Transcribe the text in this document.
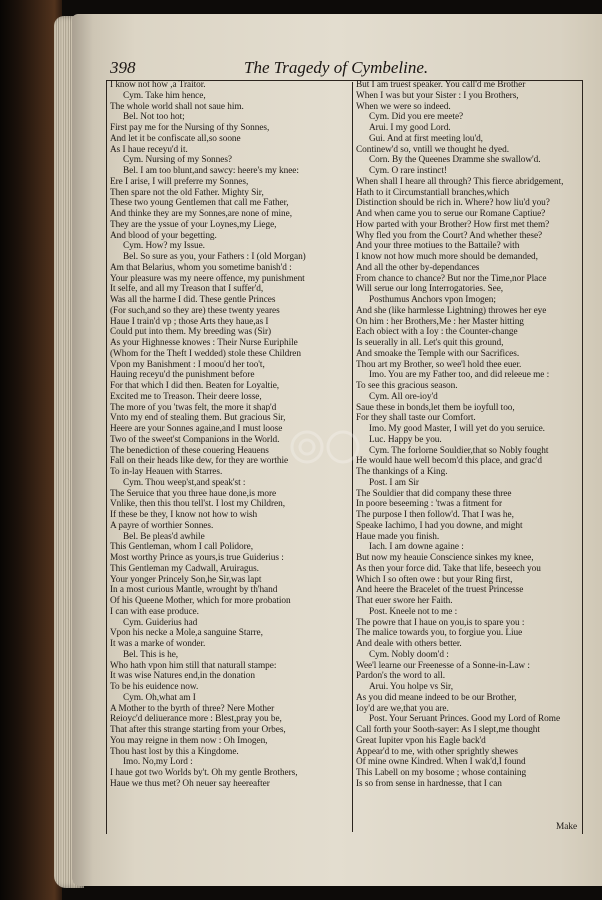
398	The Tragedy of Cymbeline.
I know not how ,a Traitor.
Cym. Take him hence,
The whole world shall not saue him.
Bel. Not too hot;
First pay me for the Nursing of thy Sonnes,
And let it be confiscate all,so soone
As I haue receyu'd it.
Cym. Nursing of my Sonnes?
Bel. I am too blunt,and sawcy: heere's my knee:
Ere I arise, I will preferre my Sonnes,
Then spare not the old Father. Mighty Sir,
These two young Gentlemen that call me Father,
And thinke they are my Sonnes,are none of mine,
They are the yssue of your Loynes,my Liege,
And blood of your begetting.
Cym. How? my Issue.
Bel. So sure as you, your Fathers : I (old Morgan)
Am that Belarius, whom you sometime banish'd :
Your pleasure was my neere offence, my punishment
It selfe, and all my Treason that I suffer'd,
Was all the harme I did. These gentle Princes
(For such,and so they are) these twenty yeares
Haue I train'd vp ; those Arts they haue,as I
Could put into them. My breeding was (Sir)
As your Highnesse knowes : Their Nurse Euriphile
(Whom for the Theft I wedded) stole these Children
Vpon my Banishment : I moou'd her too't,
Hauing receyu'd the punishment before
For that which I did then. Beaten for Loyaltie,
Excited me to Treason. Their deere losse,
The more of you 'twas felt, the more it shap'd
Vnto my end of stealing them. But gracious Sir,
Heere are your Sonnes againe,and I must loose
Two of the sweet'st Companions in the World.
The benediction of these couering Heauens
Fall on their heads like dew, for they are worthie
To in-lay Heauen with Starres.
Cym. Thou weep'st,and speak'st :
The Seruice that you three haue done,is more
Vnlike, then this thou tell'st. I lost my Children,
If these be they, I know not how to wish
A payre of worthier Sonnes.
Bel. Be pleas'd awhile
This Gentleman, whom I call Polidore,
Most worthy Prince as yours,is true Guiderius :
This Gentleman my Cadwall, Aruiragus.
Your yonger Princely Son,he Sir,was lapt
In a most curious Mantle, wrought by th'hand
Of his Queene Mother, which for more probation
I can with ease produce.
Cym. Guiderius had
Vpon his necke a Mole,a sanguine Starre,
It was a marke of wonder.
Bel. This is he,
Who hath vpon him still that naturall stampe:
It was wise Natures end,in the donation
To be his euidence now.
Cym. Oh,what am I
A Mother to the byrth of three? Nere Mother
Reioyc'd deliuerance more : Blest,pray you be,
That after this strange starting from your Orbes,
You may reigne in them now : Oh Imogen,
Thou hast lost by this a Kingdome.
Imo. No,my Lord :
I haue got two Worlds by't. Oh my gentle Brothers,
Haue we thus met? Oh neuer say heereafter
But I am truest speaker. You call'd me Brother
When I was but your Sister : I you Brothers,
When we were so indeed.
Cym. Did you ere meete?
Arui. I my good Lord.
Gui. And at first meeting lou'd,
Continew'd so, vntill we thought he dyed.
Corn. By the Queenes Dramme she swallow'd.
Cym. O rare instinct!
When shall I heare all through? This fierce abridgement,
Hath to it Circumstantiall branches,which
Distinction should be rich in. Where? how liu'd you?
And when came you to serue our Romane Captiue?
How parted with your Brother? How first met them?
Why fled you from the Court? And whether these?
And your three motiues to the Battaile? with
I know not how much more should be demanded,
And all the other by-dependances
From chance to chance? But nor the Time,nor Place
Will serue our long Interrogatories. See,
Posthumus Anchors vpon Imogen;
And she (like harmlesse Lightning) throwes her eye
On him : her Brothers,Me : her Master hitting
Each obiect with a Ioy : the Counter-change
Is seuerally in all. Let's quit this ground,
And smoake the Temple with our Sacrifices.
Thou art my Brother, so wee'l hold thee euer.
Imo. You are my Father too, and did releeue me :
To see this gracious season.
Cym. All ore-ioy'd
Saue these in bonds,let them be ioyfull too,
For they shall taste our Comfort.
Imo. My good Master, I will yet do you seruice.
Luc. Happy be you.
Cym. The forlorne Souldier,that so Nobly fought
He would haue well becom'd this place, and grac'd
The thankings of a King.
Post. I am Sir
The Souldier that did company these three
In poore beseeming : 'twas a fitment for
The purpose I then follow'd. That I was he,
Speake Iachimo, I had you downe, and might
Haue made you finish.
Iach. I am downe againe :
But now my heauie Conscience sinkes my knee,
As then your force did. Take that life, beseech you
Which I so often owe : but your Ring first,
And heere the Bracelet of the truest Princesse
That euer swore her Faith.
Post. Kneele not to me :
The powre that I haue on you,is to spare you :
The malice towards you, to forgiue you. Liue
And deale with others better.
Cym. Nobly doom'd :
Wee'l learne our Freenesse of a Sonne-in-Law :
Pardon's the word to all.
Arui. You holpe vs Sir,
As you did meane indeed to be our Brother,
Ioy'd are we,that you are.
Post. Your Seruant Princes. Good my Lord of Rome
Call forth your Sooth-sayer: As I slept,me thought
Great Iupiter vpon his Eagle back'd
Appear'd to me, with other sprightly shewes
Of mine owne Kindred. When I wak'd,I found
This Labell on my bosome ; whose containing
Is so from sense in hardnesse, that I can
Make
